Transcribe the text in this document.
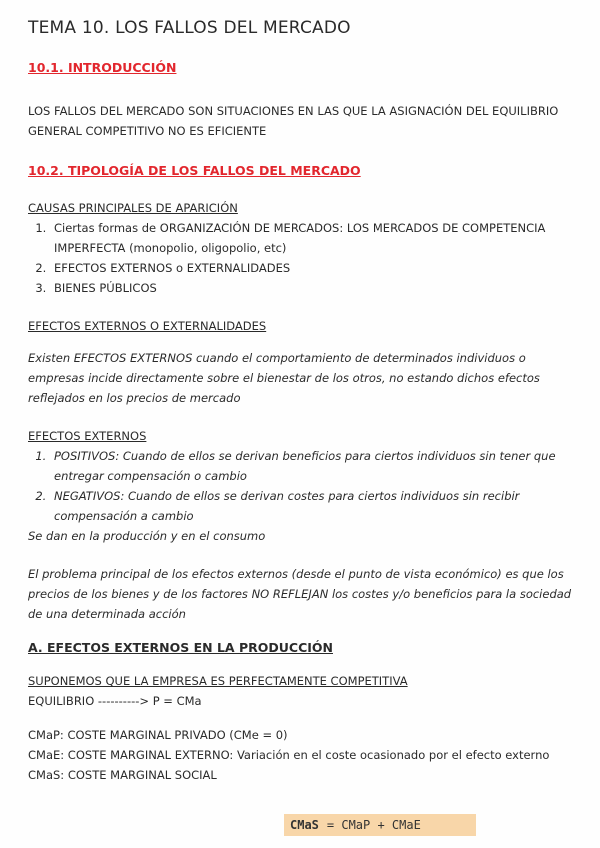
TEMA 10. LOS FALLOS DEL MERCADO
10.1. INTRODUCCIÓN
LOS FALLOS DEL MERCADO SON SITUACIONES EN LAS QUE LA ASIGNACIÓN DEL EQUILIBRIO GENERAL COMPETITIVO NO ES EFICIENTE
10.2. TIPOLOGÍA DE LOS FALLOS DEL MERCADO
CAUSAS PRINCIPALES DE APARICIÓN
1. Ciertas formas de ORGANIZACIÓN DE MERCADOS: LOS MERCADOS DE COMPETENCIA IMPERFECTA (monopolio, oligopolio, etc)
2. EFECTOS EXTERNOS o EXTERNALIDADES
3. BIENES PÚBLICOS
EFECTOS EXTERNOS O EXTERNALIDADES
Existen EFECTOS EXTERNOS cuando el comportamiento de determinados individuos o empresas incide directamente sobre el bienestar de los otros, no estando dichos efectos reflejados en los precios de mercado
EFECTOS EXTERNOS
1. POSITIVOS: Cuando de ellos se derivan beneficios para ciertos individuos sin tener que entregar compensación o cambio
2. NEGATIVOS: Cuando de ellos se derivan costes para ciertos individuos sin recibir compensación a cambio
Se dan en la producción y en el consumo
El problema principal de los efectos externos (desde el punto de vista económico) es que los precios de los bienes y de los factores NO REFLEJAN los costes y/o beneficios para la sociedad de una determinada acción
A. EFECTOS EXTERNOS EN LA PRODUCCIÓN
SUPONEMOS QUE LA EMPRESA ES PERFECTAMENTE COMPETITIVA
EQUILIBRIO ----------> P = CMa
CMaP: COSTE MARGINAL PRIVADO (CMe = 0)
CMaE: COSTE MARGINAL EXTERNO: Variación en el coste ocasionado por el efecto externo
CMaS: COSTE MARGINAL SOCIAL
CMaS = CMaP + CMaE
